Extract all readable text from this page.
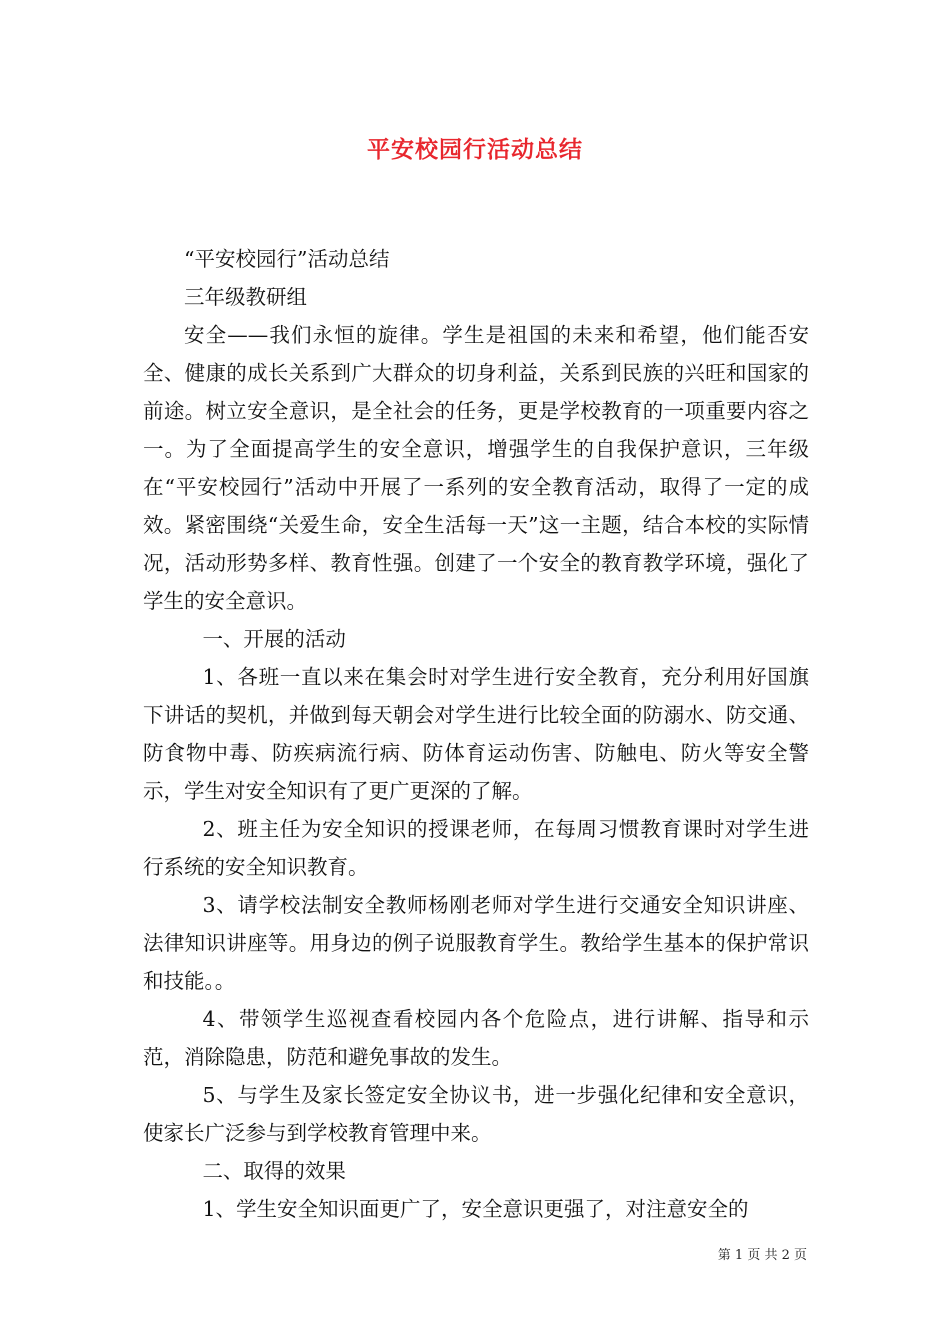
平安校园行活动总结

“平安校园行”活动总结

三年级教研组

安全——我们永恒的旋律。学生是祖国的未来和希望，他们能否安全、健康的成长关系到广大群众的切身利益，关系到民族的兴旺和国家的前途。树立安全意识，是全社会的任务，更是学校教育的一项重要内容之一。为了全面提高学生的安全意识，增强学生的自我保护意识，三年级在“平安校园行”活动中开展了一系列的安全教育活动，取得了一定的成效。紧密围绕“关爱生命，安全生活每一天”这一主题，结合本校的实际情况，活动形势多样、教育性强。创建了一个安全的教育教学环境，强化了学生的安全意识。

一、开展的活动

1、各班一直以来在集会时对学生进行安全教育，充分利用好国旗下讲话的契机，并做到每天朝会对学生进行比较全面的防溺水、防交通、防食物中毒、防疾病流行病、防体育运动伤害、防触电、防火等安全警示，学生对安全知识有了更广更深的了解。

2、班主任为安全知识的授课老师，在每周习惯教育课时对学生进行系统的安全知识教育。

3、请学校法制安全教师杨刚老师对学生进行交通安全知识讲座、法律知识讲座等。用身边的例子说服教育学生。教给学生基本的保护常识和技能。。

4、带领学生巡视查看校园内各个危险点，进行讲解、指导和示范，消除隐患，防范和避免事故的发生。

5、与学生及家长签定安全协议书，进一步强化纪律和安全意识，使家长广泛参与到学校教育管理中来。

二、取得的效果

1、学生安全知识面更广了，安全意识更强了，对注意安全的

第 1 页 共 2 页
